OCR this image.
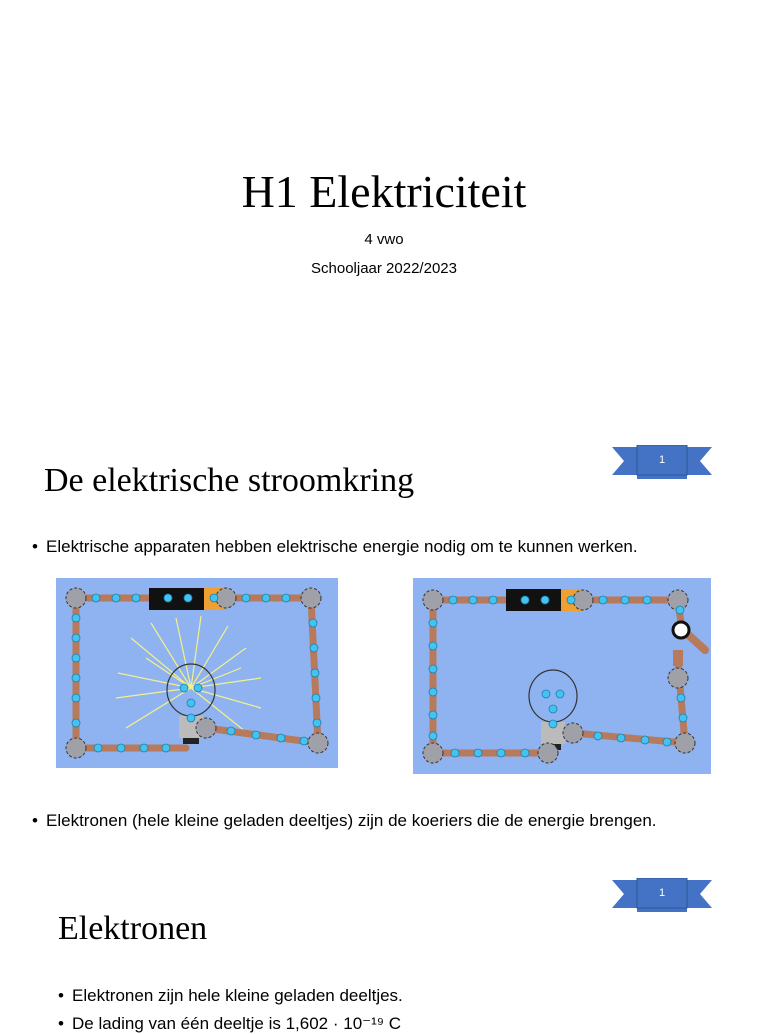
H1 Elektriciteit
4 vwo
Schooljaar 2022/2023
De elektrische stroomkring
1
• Elektrische apparaten hebben elektrische energie nodig om te kunnen werken.
• Elektronen (hele kleine geladen deeltjes) zijn de koeriers die de energie brengen.
1
Elektronen
• Elektronen zijn hele kleine geladen deeltjes.
• De lading van één deeltje is 1,602 · 10⁻¹⁹ C
